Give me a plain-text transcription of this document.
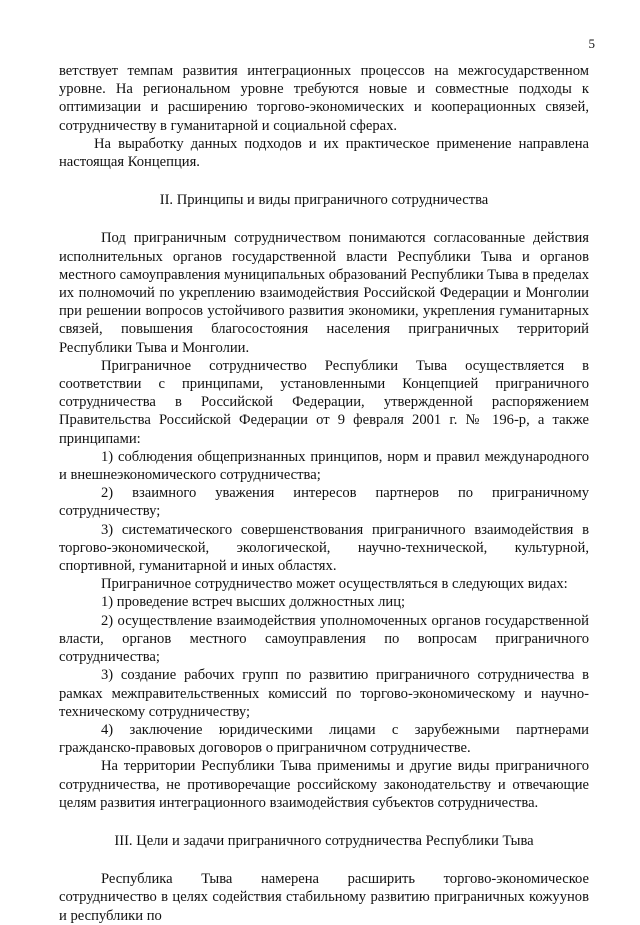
5

ветствует темпам развития интеграционных процессов на межгосударственном уровне. На региональном уровне требуются новые и совместные подходы к оптимизации и расширению торгово-экономических и кооперационных связей, сотрудничеству в гуманитарной и социальной сферах.

На выработку данных подходов и их практическое применение направлена настоящая Концепция.

II. Принципы и виды приграничного сотрудничества

Под приграничным сотрудничеством понимаются согласованные действия исполнительных органов государственной власти Республики Тыва и органов местного самоуправления муниципальных образований Республики Тыва в пределах их полномочий по укреплению взаимодействия Российской Федерации и Монголии при решении вопросов устойчивого развития экономики, укрепления гуманитарных связей, повышения благосостояния населения приграничных территорий Республики Тыва и Монголии.

Приграничное сотрудничество Республики Тыва осуществляется в соответствии с принципами, установленными Концепцией приграничного сотрудничества в Российской Федерации, утвержденной распоряжением Правительства Российской Федерации от 9 февраля 2001 г. № 196-р, а также принципами:

1) соблюдения общепризнанных принципов, норм и правил международного и внешнеэкономического сотрудничества;

2) взаимного уважения интересов партнеров по приграничному сотрудничеству;

3) систематического совершенствования приграничного взаимодействия в торгово-экономической, экологической, научно-технической, культурной, спортивной, гуманитарной и иных областях.

Приграничное сотрудничество может осуществляться в следующих видах:

1) проведение встреч высших должностных лиц;

2) осуществление взаимодействия уполномоченных органов государственной власти, органов местного самоуправления по вопросам приграничного сотрудничества;

3) создание рабочих групп по развитию приграничного сотрудничества в рамках межправительственных комиссий по торгово-экономическому и научно-техническому сотрудничеству;

4) заключение юридическими лицами с зарубежными партнерами гражданско-правовых договоров о приграничном сотрудничестве.

На территории Республики Тыва применимы и другие виды приграничного сотрудничества, не противоречащие российскому законодательству и отвечающие целям развития интеграционного взаимодействия субъектов сотрудничества.

III. Цели и задачи приграничного сотрудничества Республики Тыва

Республика Тыва намерена расширить торгово-экономическое сотрудничество в целях содействия стабильному развитию приграничных кожуунов и республики по
